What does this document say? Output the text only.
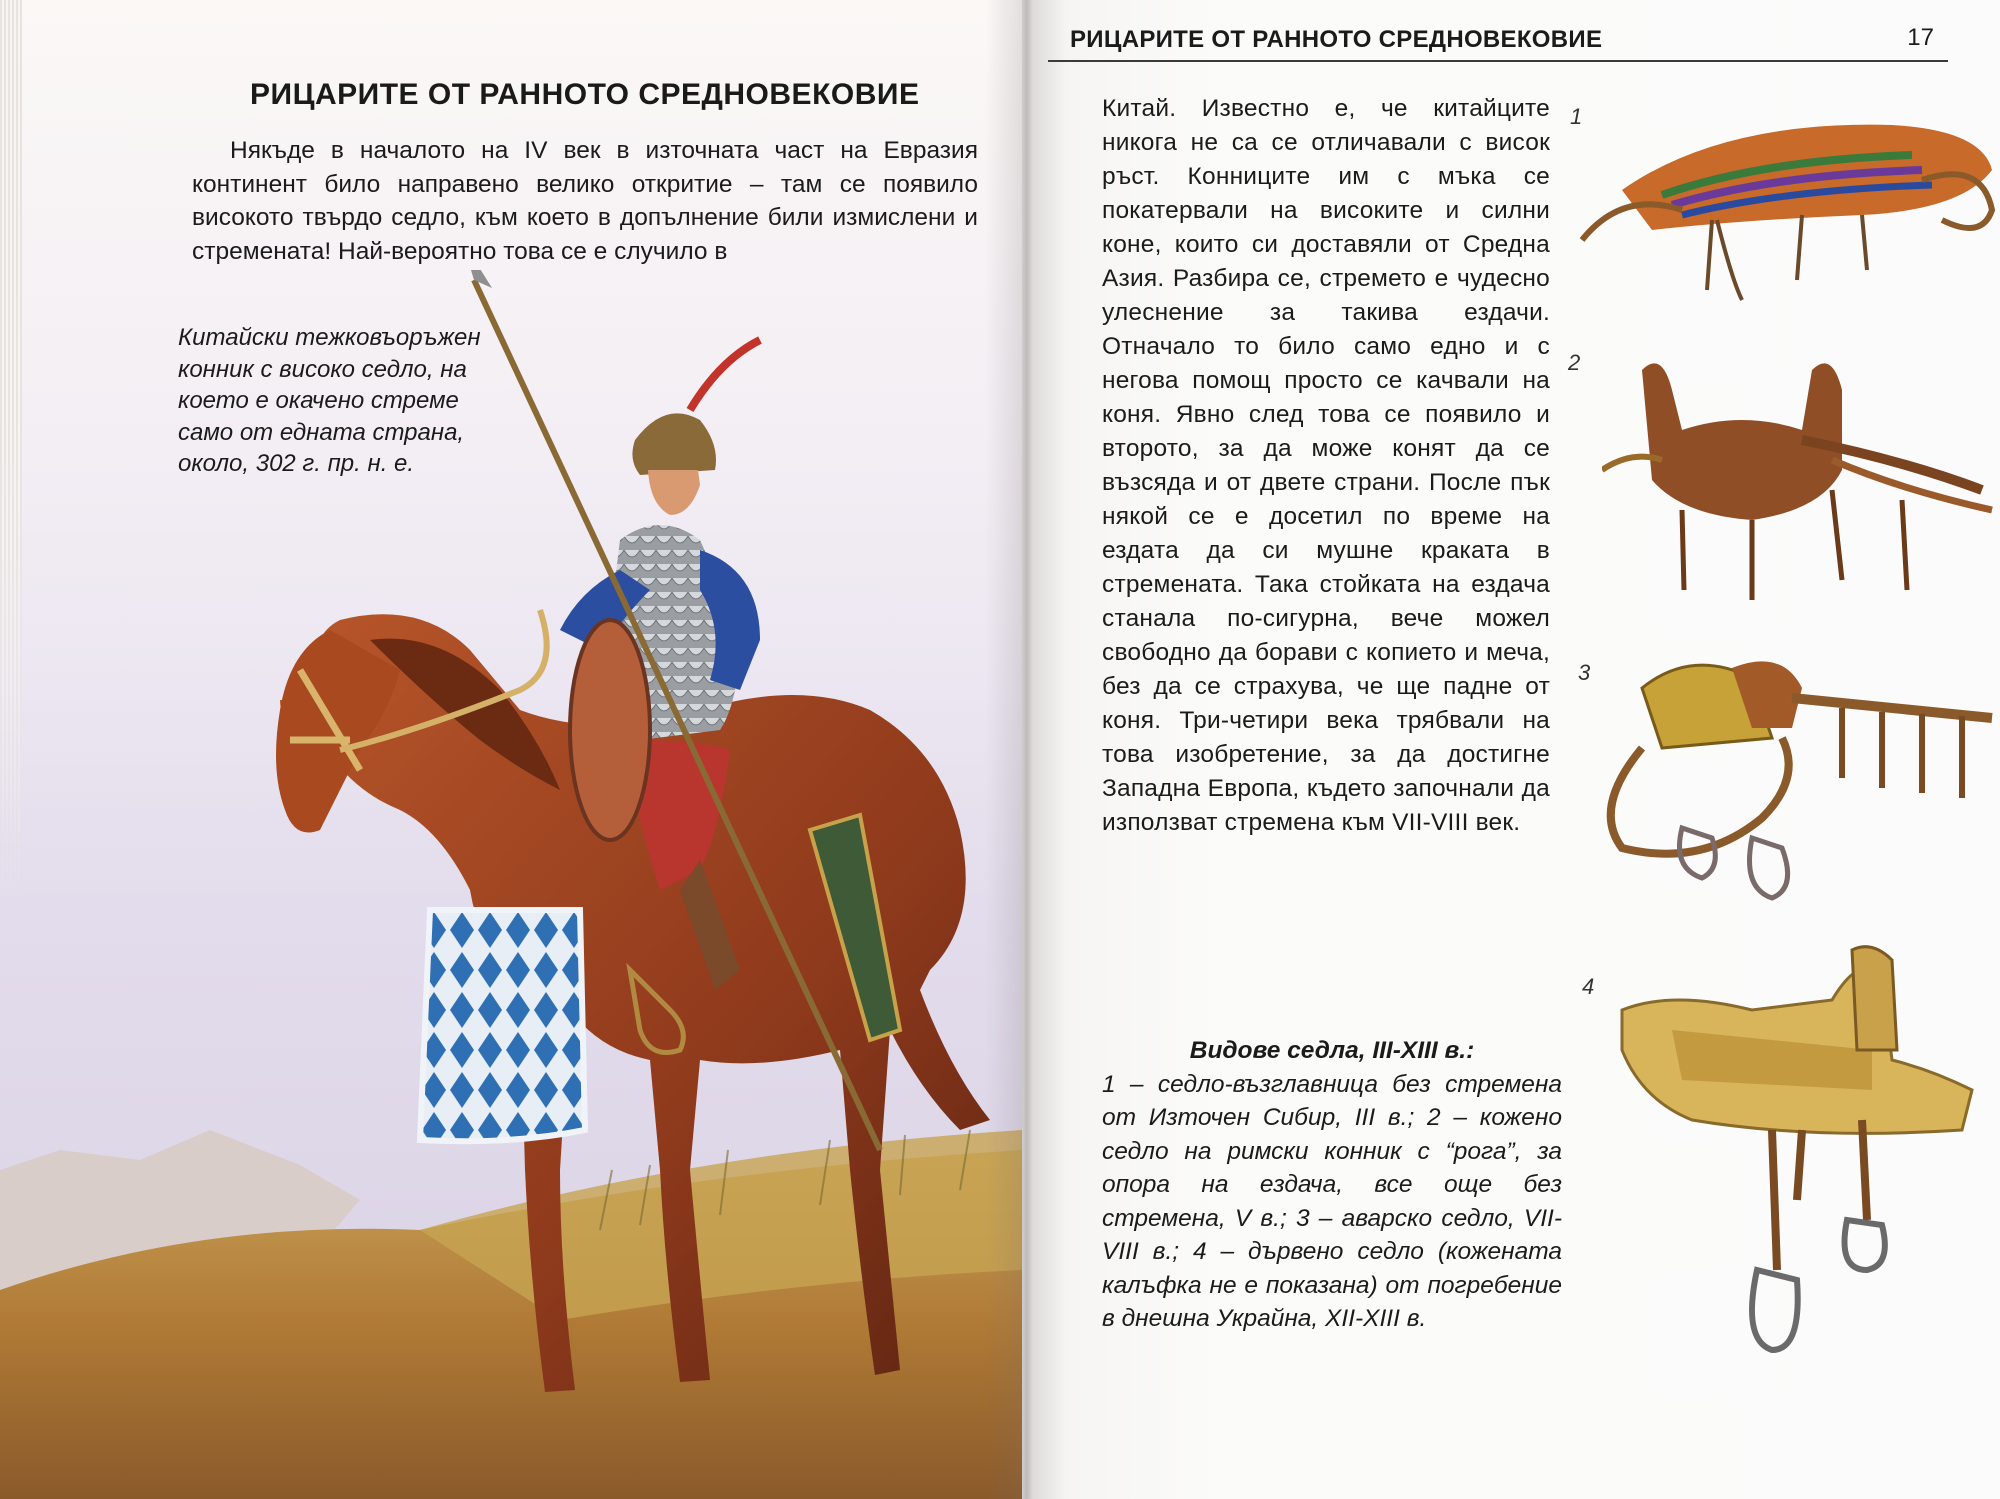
РИЦАРИТЕ ОТ РАННОТО СРЕДНОВЕКОВИЕ
Някъде в началото на IV век в източната част на Евразия континент било направено велико откритие – там се появило високото твърдо седло, към което в допълнение били измислени и стремената! Най-вероятно това се е случило в
Китайски тежковъоръжен конник с високо седло, на което е окачено стреме само от едната страна, около, 302 г. пр. н. е.
РИЦАРИТЕ ОТ РАННОТО СРЕДНОВЕКОВИЕ	17
Китай. Известно е, че китайците никога не са се отличавали с висок ръст. Конниците им с мъка се покатервали на високите и силни коне, които си доставяли от Средна Азия. Разбира се, стремето е чудесно улеснение за такива ездачи. Отначало то било само едно и с негова помощ просто се качвали на коня. Явно след това се появило и второто, за да може конят да се възсяда и от двете страни. После пък някой се е досетил по време на ездата да си мушне краката в стремената. Така стойката на ездача станала по-сигурна, вече можел свободно да борави с копието и меча, без да се страхува, че ще падне от коня. Три-четири века трябвали на това изобретение, за да достигне Западна Европа, където започнали да използват стремена към VII-VIII век.
Видове седла, III-XIII в.:
1 – седло-възглавница без стремена от Източен Сибир, III в.; 2 – кожено седло на римски конник с “рога”, за опора на ездача, все още без стремена, V в.; 3 – аварско седло, VII-VIII в.; 4 – дървено седло (кожената калъфка не е показана) от погребение в днешна Украйна, XII-XIII в.
1
2
3
4
